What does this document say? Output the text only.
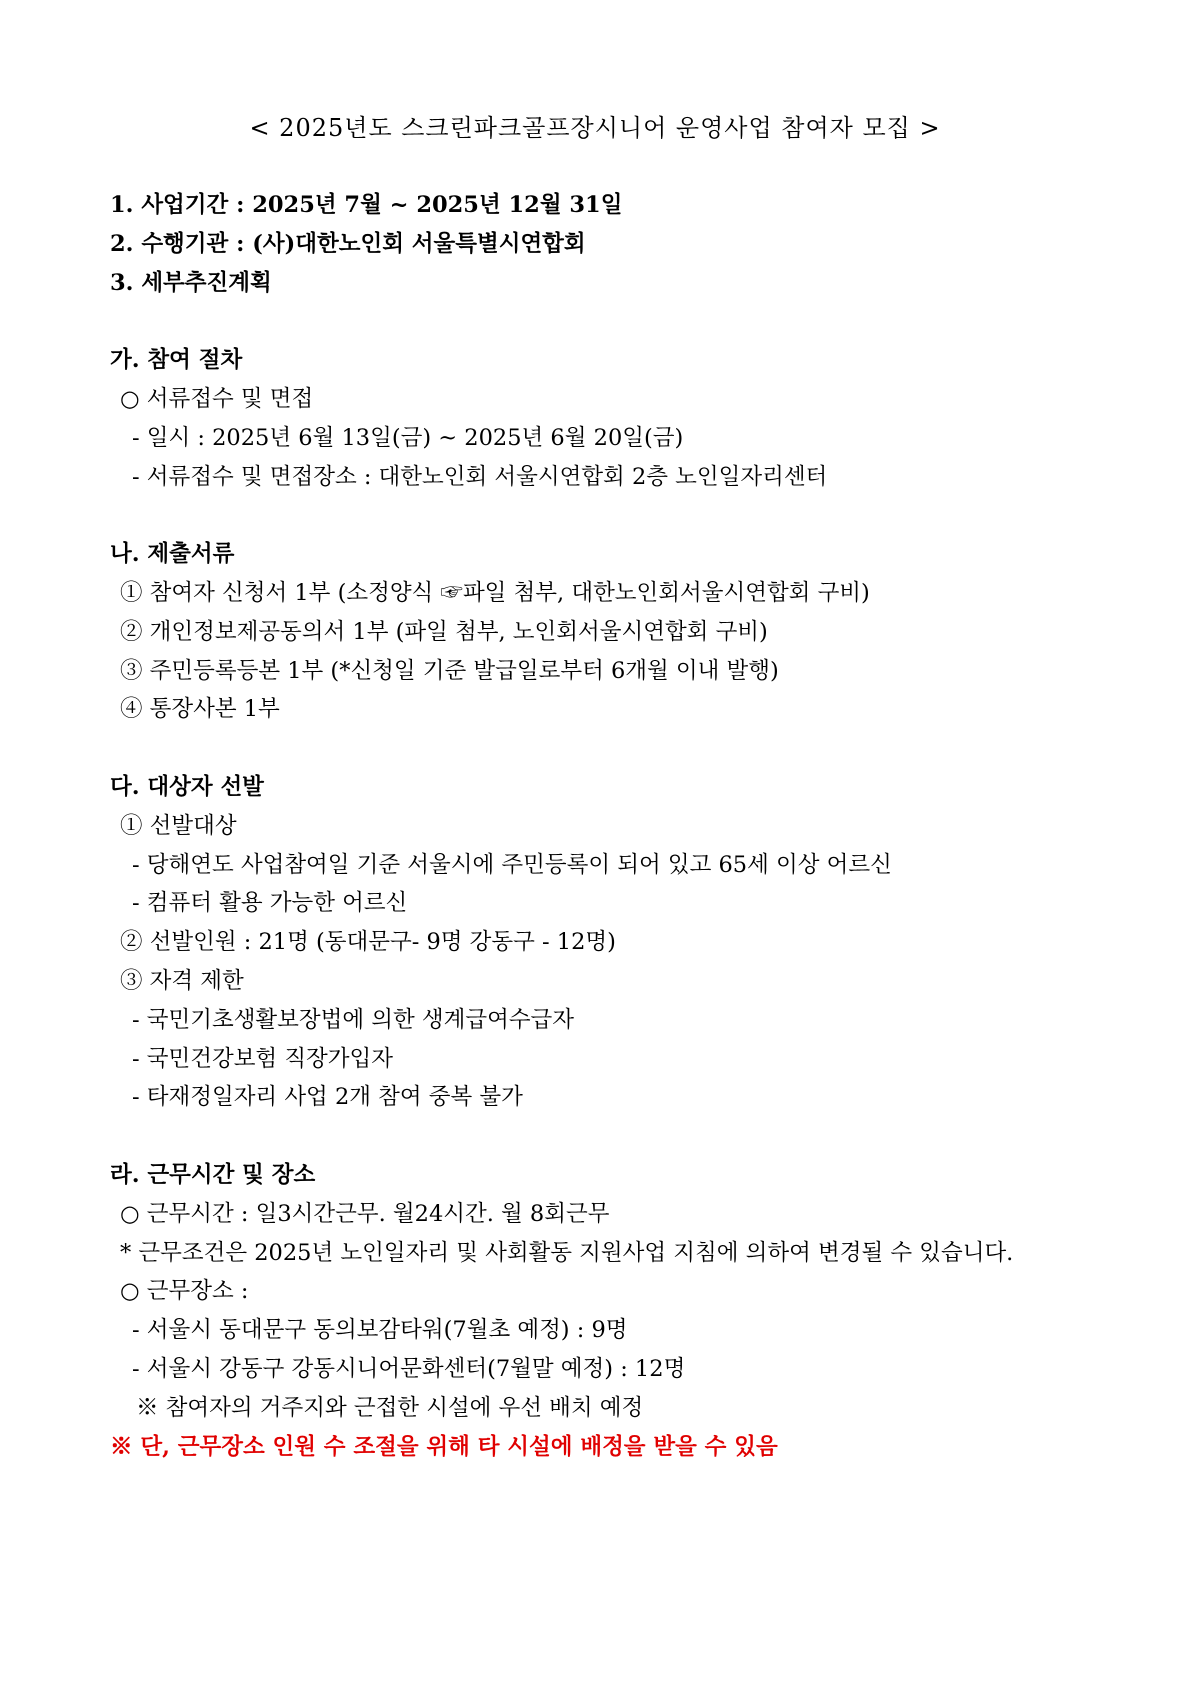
< 2025년도 스크린파크골프장시니어 운영사업 참여자 모집 >
1. 사업기간 : 2025년 7월 ~ 2025년 12월 31일
2. 수행기관 : (사)대한노인회 서울특별시연합회
3. 세부추진계획
가. 참여 절차
○ 서류접수 및 면접
- 일시 : 2025년 6월 13일(금) ~ 2025년 6월 20일(금)
- 서류접수 및 면접장소 : 대한노인회 서울시연합회 2층 노인일자리센터
나. 제출서류
① 참여자 신청서 1부 (소정양식 ☞파일 첨부, 대한노인회서울시연합회 구비)
② 개인정보제공동의서 1부 (파일 첨부, 노인회서울시연합회 구비)
③ 주민등록등본 1부 (*신청일 기준 발급일로부터 6개월 이내 발행)
④ 통장사본 1부
다. 대상자 선발
① 선발대상
- 당해연도 사업참여일 기준 서울시에 주민등록이 되어 있고 65세 이상 어르신
- 컴퓨터 활용 가능한 어르신
② 선발인원 : 21명 (동대문구- 9명 강동구 - 12명)
③ 자격 제한
- 국민기초생활보장법에 의한 생계급여수급자
- 국민건강보험 직장가입자
- 타재정일자리 사업 2개 참여 중복 불가
라. 근무시간 및 장소
○ 근무시간 : 일3시간근무. 월24시간. 월 8회근무
* 근무조건은 2025년 노인일자리 및 사회활동 지원사업 지침에 의하여 변경될 수 있습니다.
○ 근무장소 :
- 서울시 동대문구 동의보감타워(7월초 예정) : 9명
- 서울시 강동구 강동시니어문화센터(7월말 예정) : 12명
※ 참여자의 거주지와 근접한 시설에 우선 배치 예정
※ 단, 근무장소 인원 수 조절을 위해 타 시설에 배정을 받을 수 있음
